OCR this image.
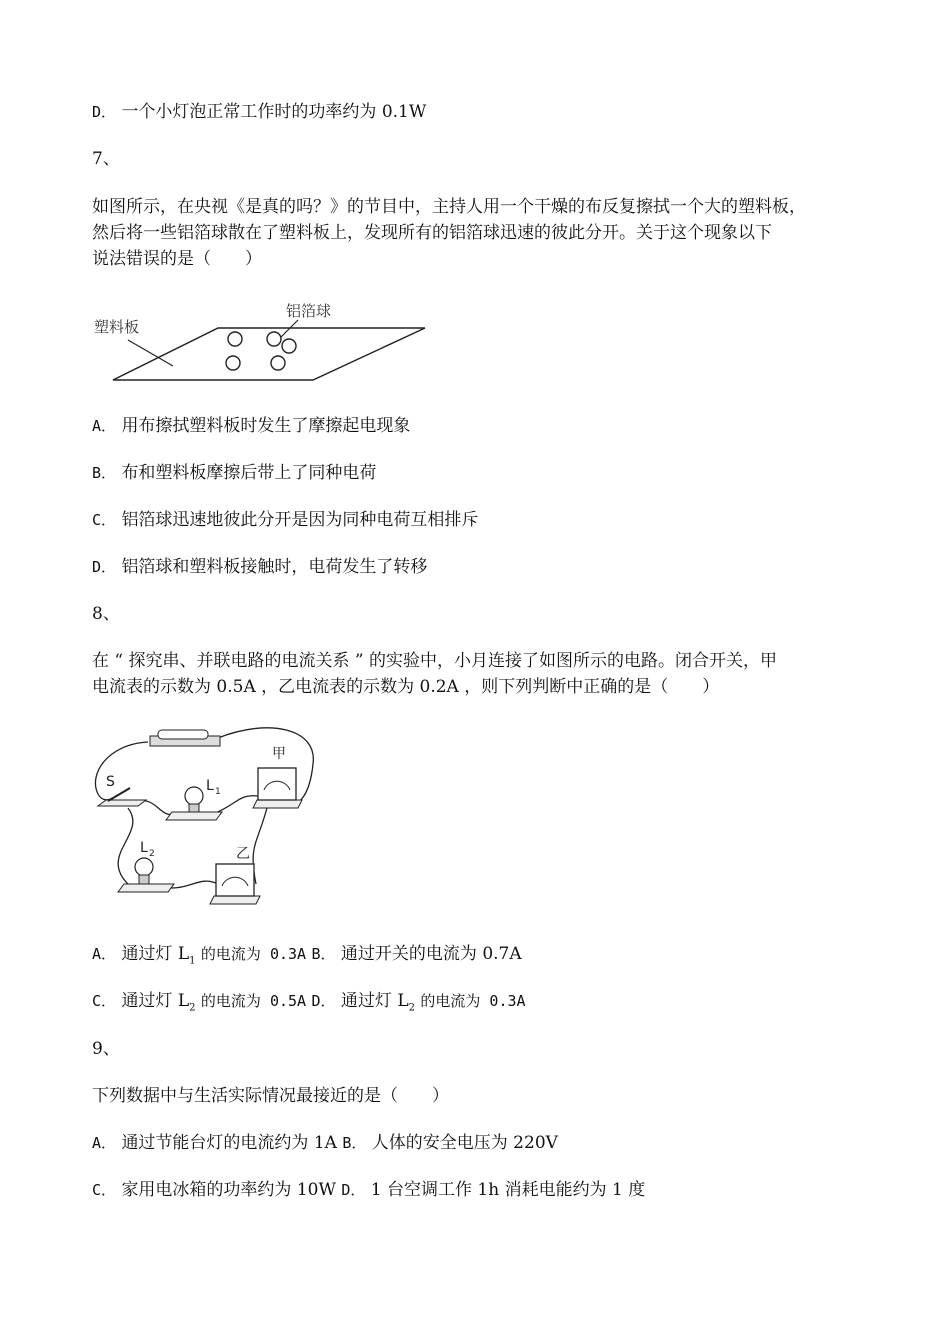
D． 一个小灯泡正常工作时的功率约为 0.1W
7、
如图所示，在央视《是真的吗？》的节目中，主持人用一个干燥的布反复擦拭一个大的塑料板，
然后将一些铝箔球散在了塑料板上，发现所有的铝箔球迅速的彼此分开。关于这个现象以下
说法错误的是（　　）
塑料板
铝箔球
A． 用布擦拭塑料板时发生了摩擦起电现象
B． 布和塑料板摩擦后带上了同种电荷
C． 铝箔球迅速地彼此分开是因为同种电荷互相排斥
D． 铝箔球和塑料板接触时，电荷发生了转移
8、
在 “ 探究串、并联电路的电流关系 ” 的实验中，小月连接了如图所示的电路。闭合开关，甲
电流表的示数为 0.5A ，乙电流表的示数为 0.2A ，则下列判断中正确的是（　　）
甲
乙
S	L 1
L 2
A． 通过灯 $L_1$ 的电流为 0.3A B． 通过开关的电流为 0.7A
C． 通过灯 $L_2$ 的电流为 0.5A D． 通过灯 $L_2$ 的电流为 0.3A
9、
下列数据中与生活实际情况最接近的是（　　）
A． 通过节能台灯的电流约为 1A B． 人体的安全电压为 220V
C． 家用电冰箱的功率约为 10W D． 1 台空调工作 1h 消耗电能约为 1 度
